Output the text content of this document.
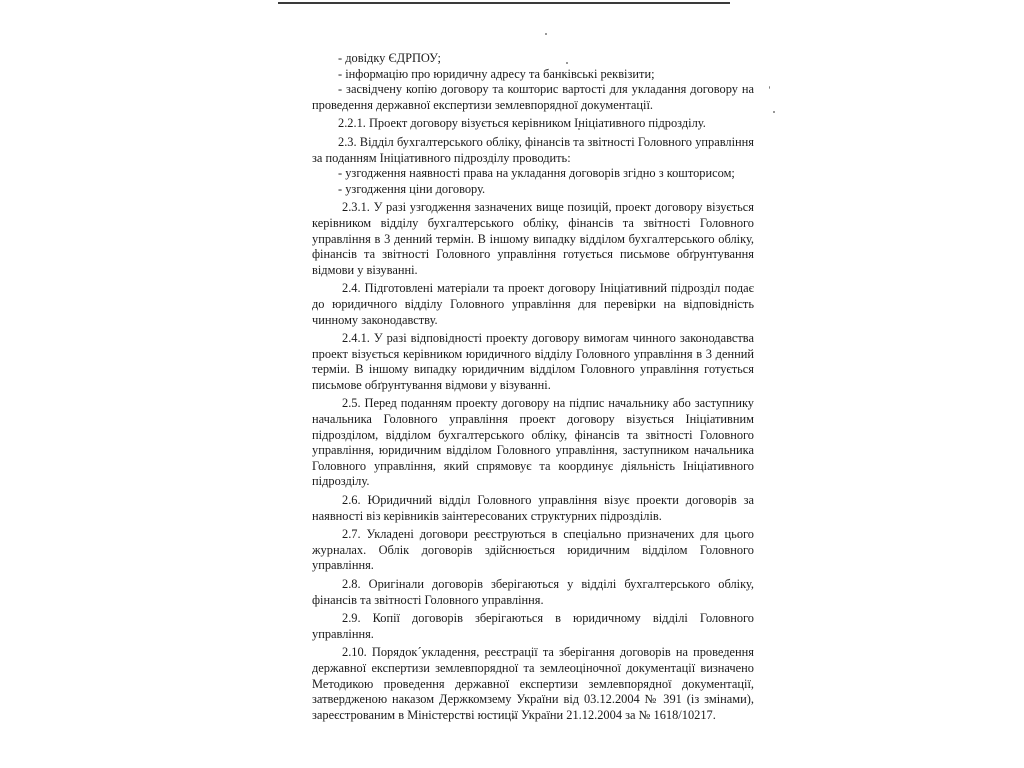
- довідку ЄДРПОУ;

- інформацію про юридичну адресу та банківські реквізити;

- засвідчену копію договору та кошторис вартості для укладання договору на проведення державної експертизи землевпорядної документації.

2.2.1. Проект договору візується керівником Ініціативного підрозділу.

2.3. Відділ бухгалтерського обліку, фінансів та звітності Головного управління за поданням Ініціативного підрозділу проводить:

- узгодження наявності права на укладання договорів згідно з кошторисом;

- узгодження ціни договору.

2.3.1. У разі узгодження зазначених вище позицій, проект договору візується керівником відділу бухгалтерського обліку, фінансів та звітності Головного управління в 3 денний термін. В іншому випадку відділом бухгалтерського обліку, фінансів та звітності Головного управління готується письмове обґрунтування відмови у візуванні.

2.4. Підготовлені матеріали та проект договору Ініціативний підрозділ подає до юридичного відділу Головного управління для перевірки на відповідність чинному законодавству.

2.4.1. У разі відповідності проекту договору вимогам чинного законодавства проект візується керівником юридичного відділу Головного управління в 3 денний терміи. В іншому випадку юридичним відділом Головного управління готується письмове обґрунтування відмови у візуванні.

2.5. Перед поданням проекту договору на підпис начальнику або заступнику начальника Головного управління проект договору візується Ініціативним підрозділом, відділом бухгалтерського обліку, фінансів та звітності Головного управління, юридичним відділом Головного управління, заступником начальника Головного управління, який спрямовує та координує діяльність Ініціативного підрозділу.

2.6. Юридичний відділ Головного управління візує проекти договорів за наявності віз керівників заінтересованих структурних підрозділів.

2.7. Укладені договори реєструються в спеціально призначених для цього журналах. Облік договорів здійснюється юридичним відділом Головного управління.

2.8. Оригінали договорів зберігаються у відділі бухгалтерського обліку, фінансів та звітності Головного управління.

2.9. Копії договорів зберігаються в юридичному відділі Головного управління.

2.10. Порядок´укладення, реєстрації та зберігання договорів на проведення державної експертизи землевпорядної та землеоціночної документації визначено Методикою проведення державної експертизи землевпорядної документації, затвердженою наказом Держкомзему України від 03.12.2004 № 391 (із змінами), зареєстрованим в Міністерстві юстиції України 21.12.2004 за № 1618/10217.
